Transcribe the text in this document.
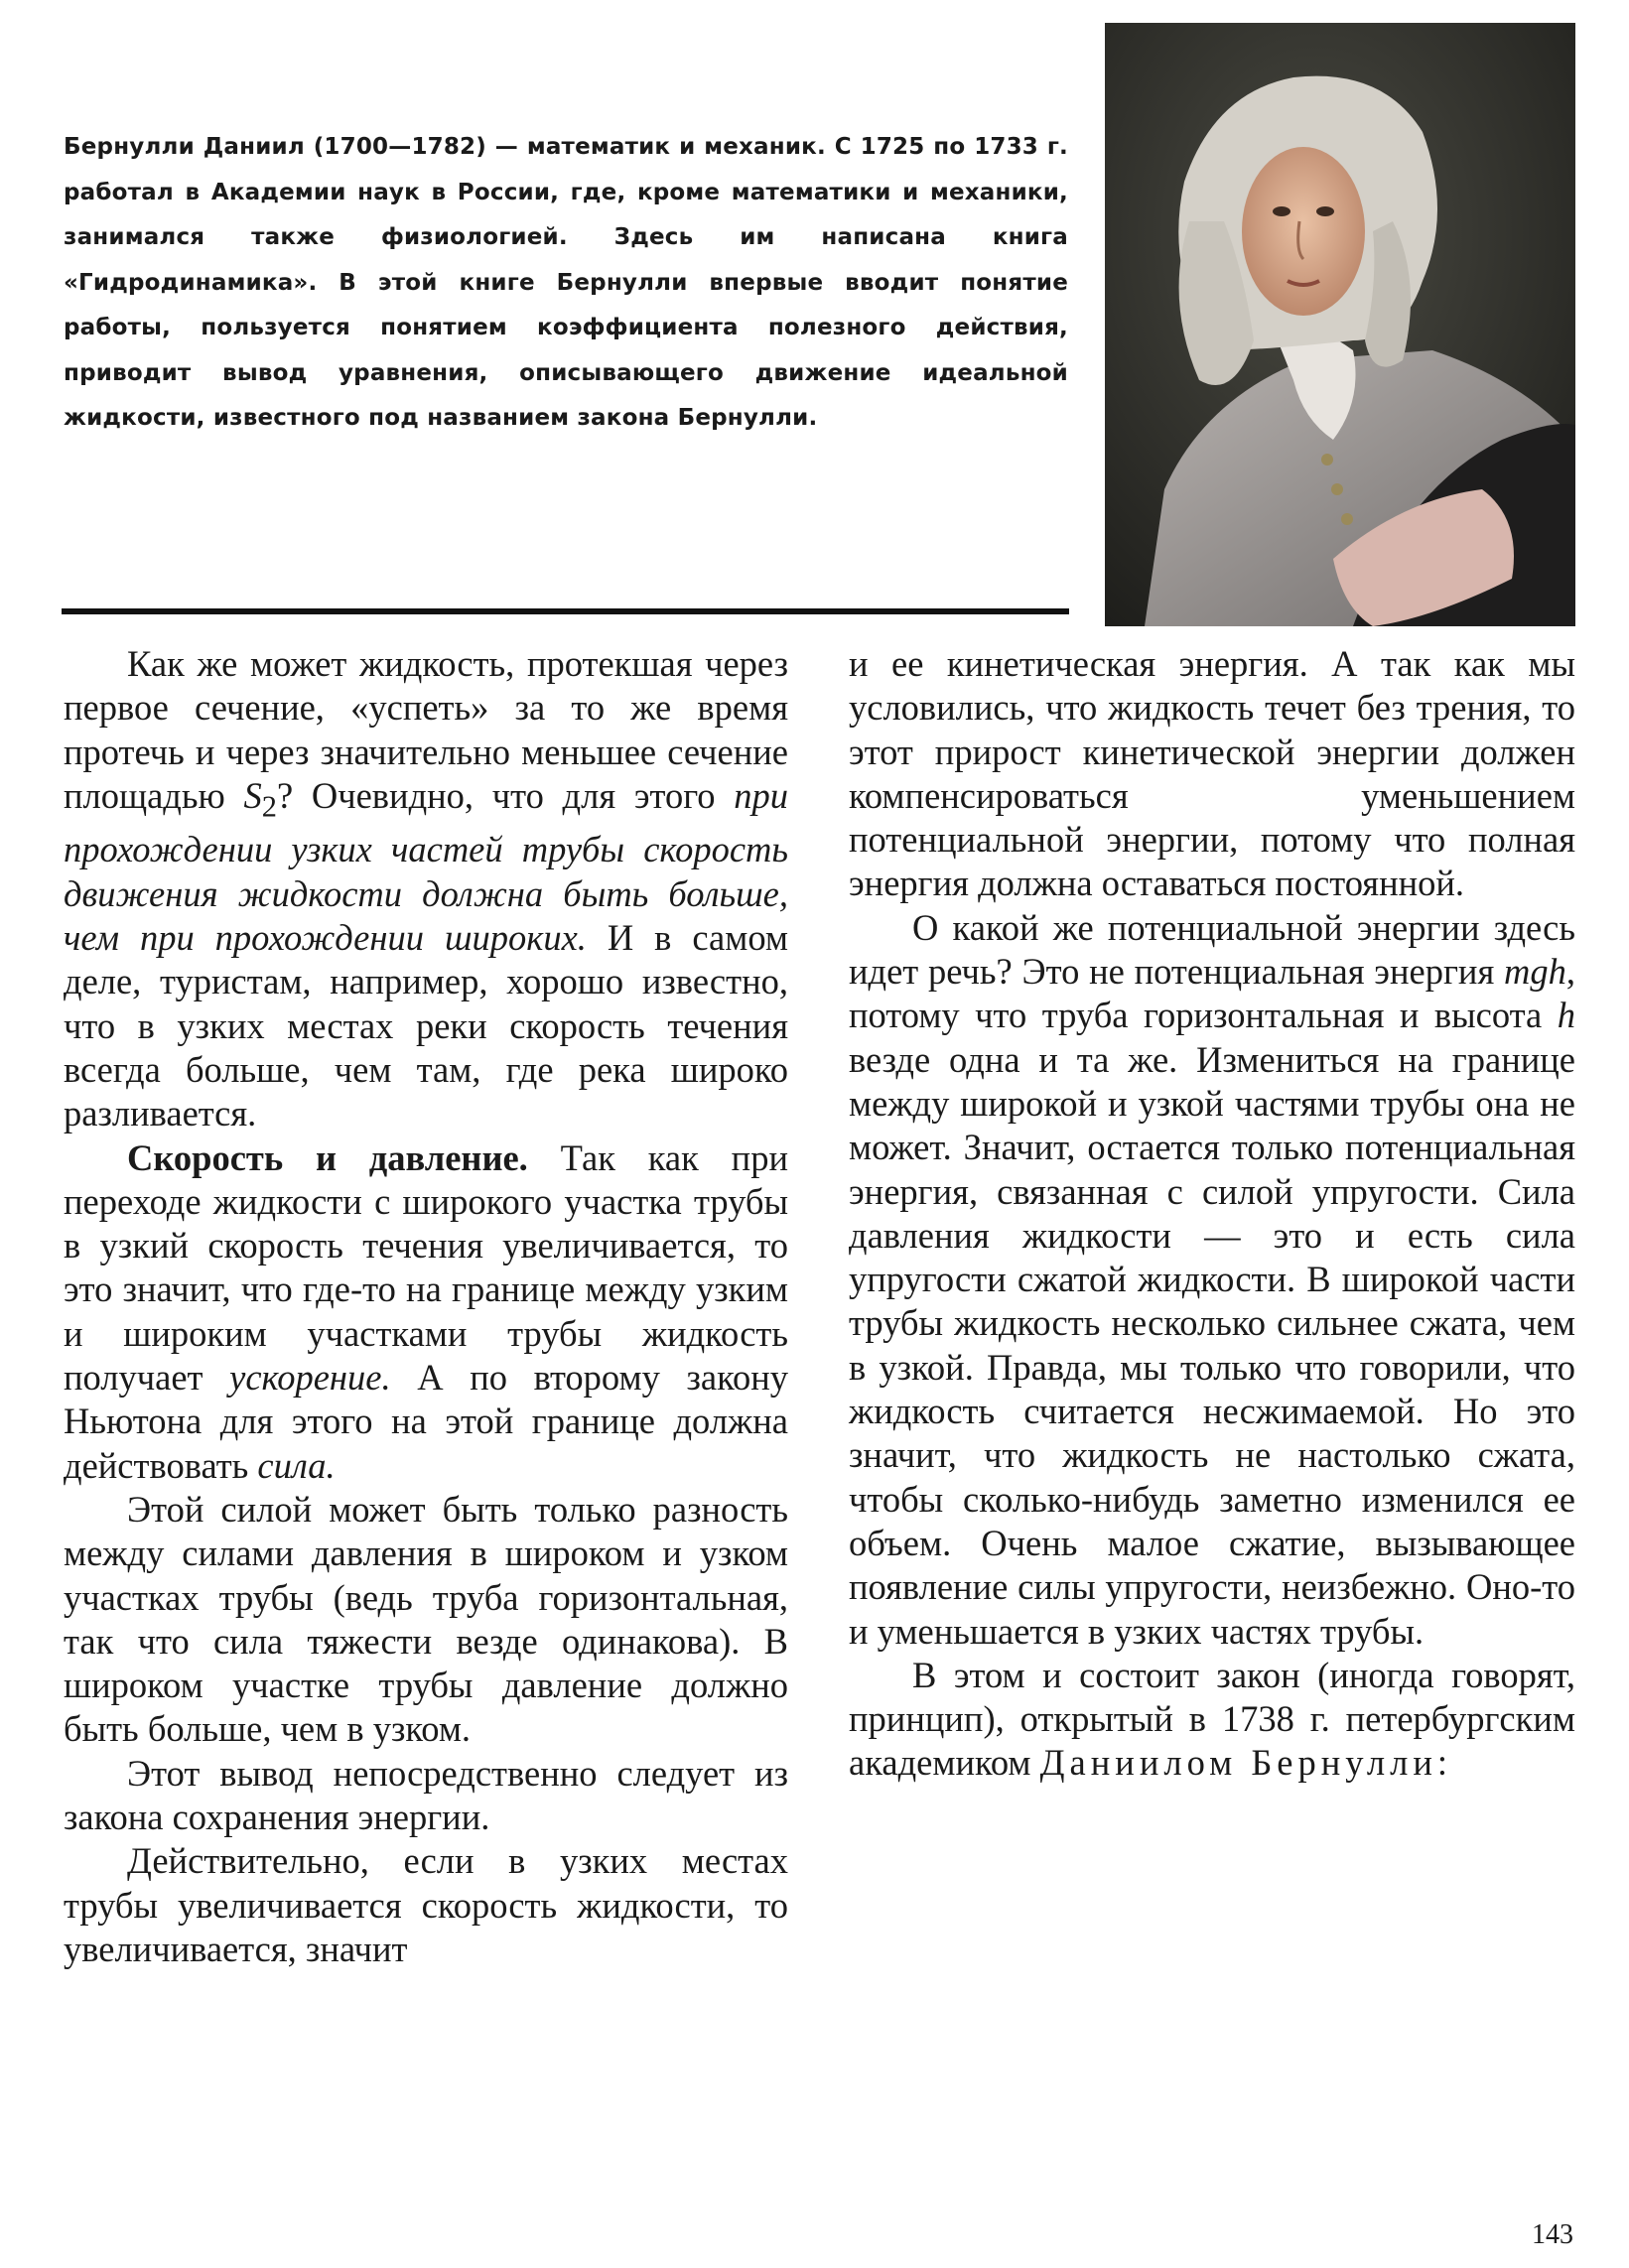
Бернулли Даниил (1700—1782) — математик и механик. С 1725 по 1733 г. работал в Академии наук в России, где, кроме математики и механики, занимался также физиологией. Здесь им написана книга «Гидродинамика». В этой книге Бернулли впервые вводит понятие работы, пользуется понятием коэффициента полезного действия, приводит вывод уравнения, описывающего движение идеальной жидкости, известного под названием закона Бернулли.

Как же может жидкость, протекшая через первое сечение, «успеть» за то же время протечь и через значительно меньшее сечение площадью $S_2$? Очевидно, что для этого при прохождении узких частей трубы скорость движения жидкости должна быть больше, чем при прохождении широких. И в самом деле, туристам, например, хорошо известно, что в узких местах реки скорость течения всегда больше, чем там, где река широко разливается.

Скорость и давление. Так как при переходе жидкости с широкого участка трубы в узкий скорость течения увеличивается, то это значит, что где-то на границе между узким и широким участками трубы жидкость получает ускорение. А по второму закону Ньютона для этого на этой границе должна действовать сила.

Этой силой может быть только разность между силами давления в широком и узком участках трубы (ведь труба горизонтальная, так что сила тяжести везде одинакова). В широком участке трубы давление должно быть больше, чем в узком.

Этот вывод непосредственно следует из закона сохранения энергии.

Действительно, если в узких местах трубы увеличивается скорость жидкости, то увеличивается, значит

и ее кинетическая энергия. А так как мы условились, что жидкость течет без трения, то этот прирост кинетической энергии должен компенсироваться уменьшением потенциальной энергии, потому что полная энергия должна оставаться постоянной.

О какой же потенциальной энергии здесь идет речь? Это не потенциальная энергия mgh, потому что труба горизонтальная и высота h везде одна и та же. Измениться на границе между широкой и узкой частями трубы она не может. Значит, остается только потенциальная энергия, связанная с силой упругости. Сила давления жидкости — это и есть сила упругости сжатой жидкости. В широкой части трубы жидкость несколько сильнее сжата, чем в узкой. Правда, мы только что говорили, что жидкость считается несжимаемой. Но это значит, что жидкость не настолько сжата, чтобы сколько-нибудь заметно изменился ее объем. Очень малое сжатие, вызывающее появление силы упругости, неизбежно. Оно-то и уменьшается в узких частях трубы.

В этом и состоит закон (иногда говорят, принцип), открытый в 1738 г. петербургским академиком Даниилом Бернулли:

143
